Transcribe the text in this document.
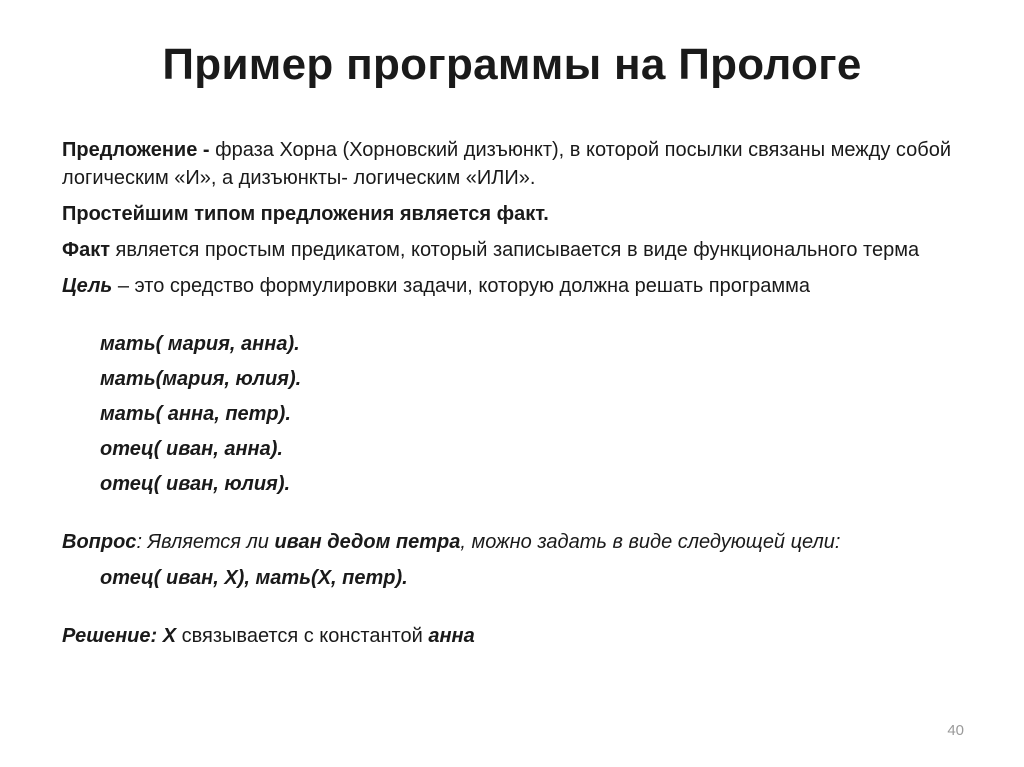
Пример программы на Прологе

Предложение - фраза Хорна (Хорновский дизъюнкт), в которой посылки связаны между собой логическим «И», а дизъюнкты- логическим «ИЛИ».

Простейшим типом предложения является факт.

Факт является простым предикатом, который записывается в виде функционального терма

Цель – это средство формулировки задачи, которую должна решать программа

мать( мария, анна).

мать(мария, юлия).

мать( анна, петр).

отец( иван, анна).

отец( иван, юлия).

Вопрос: Является ли иван дедом петра, можно задать в виде следующей цели:

отец( иван, X), мать(X, петр).

Решение: X связывается с константой анна

40
